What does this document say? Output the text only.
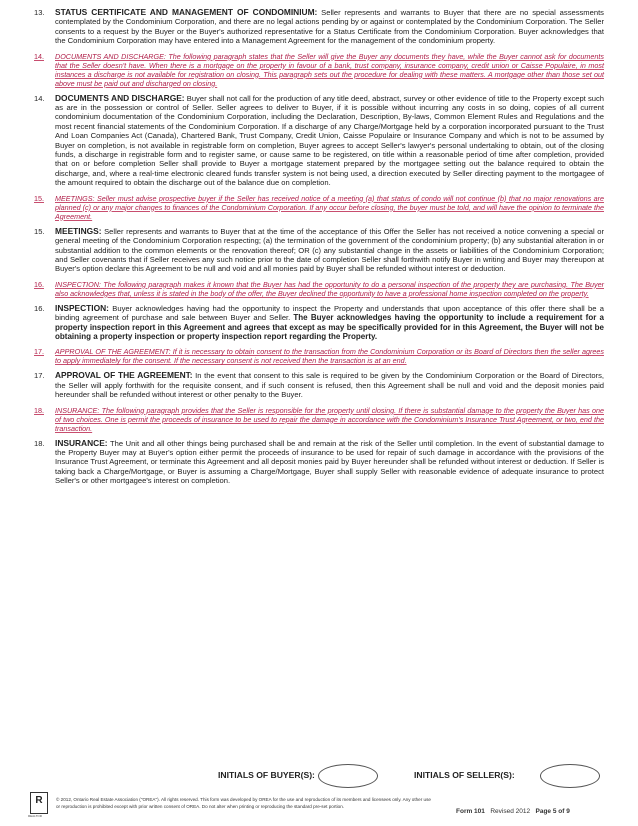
13.	STATUS CERTIFICATE AND MANAGEMENT OF CONDOMINIUM: Seller represents and warrants to Buyer that there are no special assessments contemplated by the Condominium Corporation, and there are no legal actions pending by or against or contemplated by the Condominium Corporation. The Seller consents to a request by the Buyer or the Buyer's authorized representative for a Status Certificate from the Condominium Corporation. Buyer acknowledges that the Condominium Corporation may have entered into a Management Agreement for the management of the condominium property.
14.	DOCUMENTS AND DISCHARGE: The following paragraph states that the Seller will give the Buyer any documents they have, while the Buyer cannot ask for documents that the Seller doesn't have. When there is a mortgage on the property in favour of a bank, trust company, insurance company, credit union or Caisse Populaire, in most instances a discharge is not available for registration on closing. This paragraph sets out the procedure for dealing with these matters. A mortgage other than those set out above must be paid out and discharged on closing.
14.	DOCUMENTS AND DISCHARGE: Buyer shall not call for the production of any title deed, abstract, survey or other evidence of title to the Property except such as are in the possession or control of Seller. Seller agrees to deliver to Buyer, if it is possible without incurring any costs in so doing, copies of all current condominium documentation of the Condominium Corporation, including the Declaration, Description, By-laws, Common Element Rules and Regulations and the most recent financial statements of the Condominium Corporation. If a discharge of any Charge/Mortgage held by a corporation incorporated pursuant to the Trust And Loan Companies Act (Canada), Chartered Bank, Trust Company, Credit Union, Caisse Populaire or Insurance Company and which is not to be assumed by Buyer on completion, is not available in registrable form on completion, Buyer agrees to accept Seller's lawyer's personal undertaking to obtain, out of the closing funds, a discharge in registrable form and to register same, or cause same to be registered, on title within a reasonable period of time after completion, provided that on or before completion Seller shall provide to Buyer a mortgage statement prepared by the mortgagee setting out the balance required to obtain the discharge, and, where a real-time electronic cleared funds transfer system is not being used, a direction executed by Seller directing payment to the mortgagee of the amount required to obtain the discharge out of the balance due on completion.
15.	MEETINGS: Seller must advise prospective buyer if the Seller has received notice of a meeting (a) that status of condo will not continue (b) that no major renovations are planned (c) or any major changes to finances of the Condominium Corporation. If any occur before closing, the buyer must be told, and will have the opinion to terminate the Agreement.
15.	MEETINGS: Seller represents and warrants to Buyer that at the time of the acceptance of this Offer the Seller has not received a notice convening a special or general meeting of the Condominium Corporation respecting; (a) the termination of the government of the condominium property; (b) any substantial alteration in or substantial addition to the common elements or the renovation thereof; OR (c) any substantial change in the assets or liabilities of the Condominium Corporation; and Seller covenants that if Seller receives any such notice prior to the date of completion Seller shall forthwith notify Buyer in writing and Buyer may thereupon at Buyer's option declare this Agreement to be null and void and all monies paid by Buyer shall be refunded without interest or deduction.
16.	INSPECTION: The following paragraph makes it known that the Buyer has had the opportunity to do a personal inspection of the property they are purchasing. The Buyer also acknowledges that, unless it is stated in the body of the offer, the Buyer declined the opportunity to have a professional home inspection completed on the property.
16.	INSPECTION: Buyer acknowledges having had the opportunity to inspect the Property and understands that upon acceptance of this offer there shall be a binding agreement of purchase and sale between Buyer and Seller. The Buyer acknowledges having the opportunity to include a requirement for a property inspection report in this Agreement and agrees that except as may be specifically provided for in this Agreement, the Buyer will not be obtaining a property inspection or property inspection report regarding the Property.
17.	APPROVAL OF THE AGREEMENT: If it is necessary to obtain consent to the transaction from the Condominium Corporation or its Board of Directors then the seller agrees to apply immediately for the consent. If the necessary consent is not received then the transaction is at an end.
17.	APPROVAL OF THE AGREEMENT: In the event that consent to this sale is required to be given by the Condominium Corporation or the Board of Directors, the Seller will apply forthwith for the requisite consent, and if such consent is refused, then this Agreement shall be null and void and the deposit monies paid hereunder shall be refunded without interest or other penalty to the Buyer.
18.	INSURANCE: The following paragraph provides that the Seller is responsible for the property until closing. If there is substantial damage to the property the Buyer has one of two choices. One is permit the proceeds of insurance to be used to repair the damage in accordance with the Condominium's Insurance Trust Agreement, or two, end the transaction.
18.	INSURANCE: The Unit and all other things being purchased shall be and remain at the risk of the Seller until completion. In the event of substantial damage to the Property Buyer may at Buyer's option either permit the proceeds of insurance to be used for repair of such damage in accordance with the provisions of the Insurance Trust Agreement, or terminate this Agreement and all deposit monies paid by Buyer hereunder shall be refunded without interest or deduction. If Seller is taking back a Charge/Mortgage, or Buyer is assuming a Charge/Mortgage, Buyer shall supply Seller with reasonable evidence of adequate insurance to protect Seller's or other mortgagee's interest on completion.
INITIALS OF BUYER(S):	INITIALS OF SELLER(S):
R
REALTOR
© 2012, Ontario Real Estate Association ("OREA"). All rights reserved. This form was developed by OREA for the use and reproduction of its members and licensees only. Any other use or reproduction is prohibited except with prior written consent of OREA. Do not alter when printing or reproducing the standard pre-set portion.
Form 101 Revised 2012 Page 5 of 9
